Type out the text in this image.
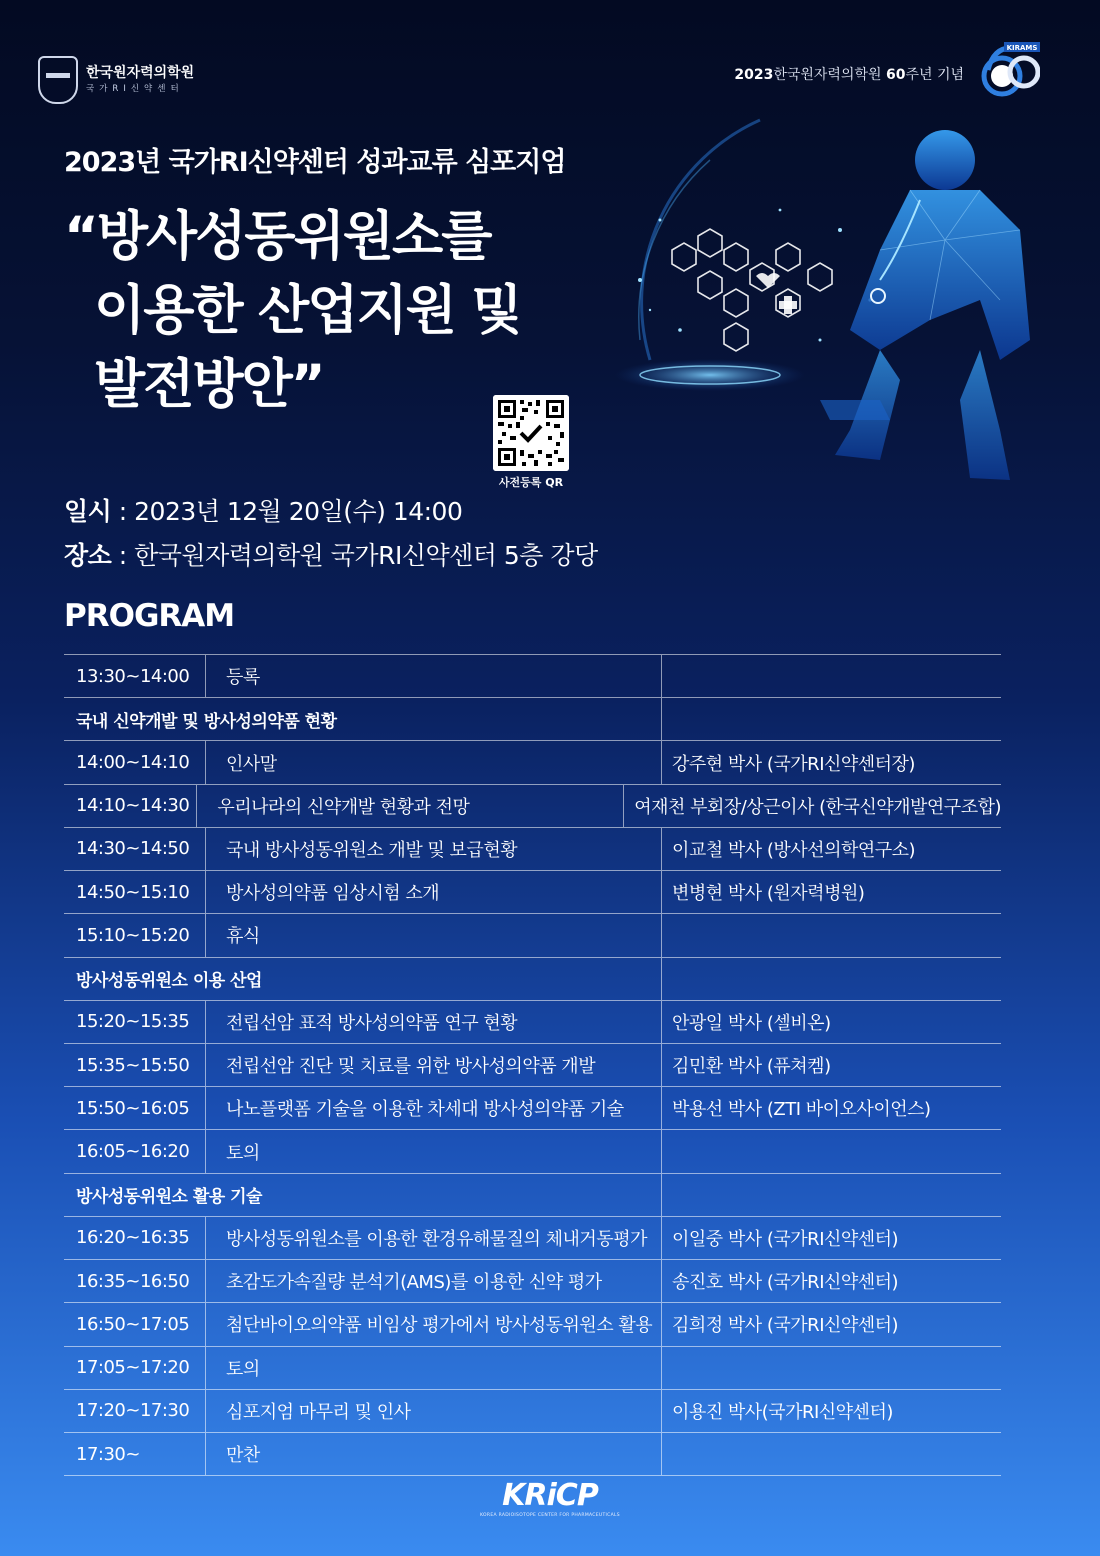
한국원자력의학원
국가RI신약센터
2023한국원자력의학원 60주년 기념
KIRAMS
2023년 국가RI신약센터 성과교류 심포지엄
“방사성동위원소를
이용한 산업지원 및
발전방안”
사전등록 QR
일시 : 2023년 12월 20일(수) 14:00
장소 : 한국원자력의학원 국가RI신약센터 5층 강당
PROGRAM
13:30~14:00	등록
국내 신약개발 및 방사성의약품 현황
14:00~14:10	인사말	강주현 박사 (국가RI신약센터장)
14:10~14:30	우리나라의 신약개발 현황과 전망	여재천 부회장/상근이사 (한국신약개발연구조합)
14:30~14:50	국내 방사성동위원소 개발 및 보급현황	이교철 박사 (방사선의학연구소)
14:50~15:10	방사성의약품 임상시험 소개	변병현 박사 (원자력병원)
15:10~15:20	휴식
방사성동위원소 이용 산업
15:20~15:35	전립선암 표적 방사성의약품 연구 현황	안광일 박사 (셀비온)
15:35~15:50	전립선암 진단 및 치료를 위한 방사성의약품 개발	김민환 박사 (퓨쳐켐)
15:50~16:05	나노플랫폼 기술을 이용한 차세대 방사성의약품 기술	박용선 박사 (ZTI 바이오사이언스)
16:05~16:20	토의
방사성동위원소 활용 기술
16:20~16:35	방사성동위원소를 이용한 환경유해물질의 체내거동평가	이일중 박사 (국가RI신약센터)
16:35~16:50	초감도가속질량 분석기(AMS)를 이용한 신약 평가	송진호 박사 (국가RI신약센터)
16:50~17:05	첨단바이오의약품 비임상 평가에서 방사성동위원소 활용	김희정 박사 (국가RI신약센터)
17:05~17:20	토의
17:20~17:30	심포지엄 마무리 및 인사	이용진 박사(국가RI신약센터)
17:30~	만찬
KRiCP
KOREA RADIOISOTOPE CENTER FOR PHARMACEUTICALS
